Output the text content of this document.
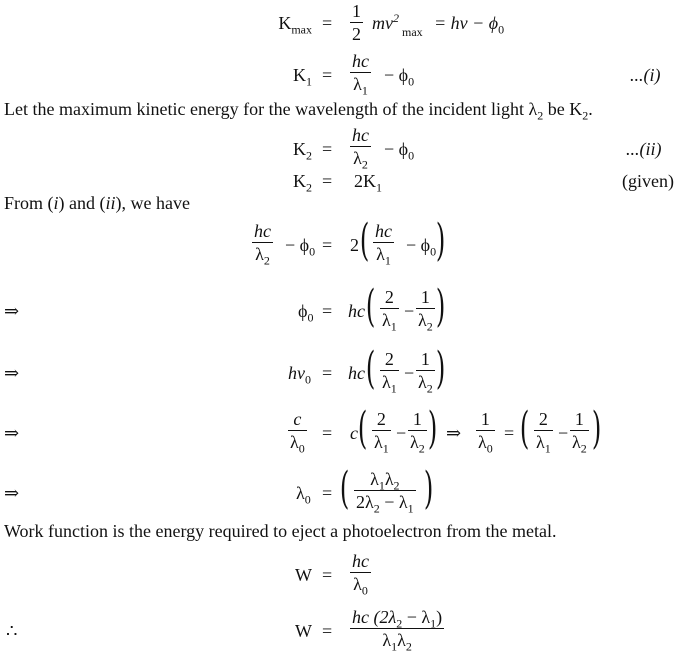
$K_{max}$ =
1
2
$mv^2$
max = hv − $\phi_0$
$K_1$ =
hc
$\lambda_1$
− $\phi_0$	...(i)
Let the maximum kinetic energy for the wavelength of the incident light $\lambda_2$ be $K_2$.
$K_2$ =
hc
$\lambda_2$
− $\phi_0$	...(ii)
$K_2 = 2K_1$	(given)
From (i) and (ii), we have
hc
$\lambda_2$
− $\phi_0 = 2$ ( hc
$\lambda_1$
− $\phi_0$ )
⇒	$\phi_0$ = hc ( 2
$\lambda_1$
−
1
$\lambda_2$ )
⇒	$hv_0$ = hc ( 2
$\lambda_1$
−
1
$\lambda_2$ )
⇒
c
$\lambda_0$
= c ( 2
$\lambda_1$
−
1
$\lambda_2$ ) ⇒
1
$\lambda_0$
= ( 2
$\lambda_1$
−
1
$\lambda_2$ )
⇒	$\lambda_0$ = (	$\lambda_1\lambda_2$
$2\lambda_2 - \lambda_1$ )
Work function is the energy required to eject a photoelectron from the metal.
W =
hc
$\lambda_0$
∴	W =
hc $(2\lambda_2 - \lambda_1)$
$\lambda_1\lambda_2$
